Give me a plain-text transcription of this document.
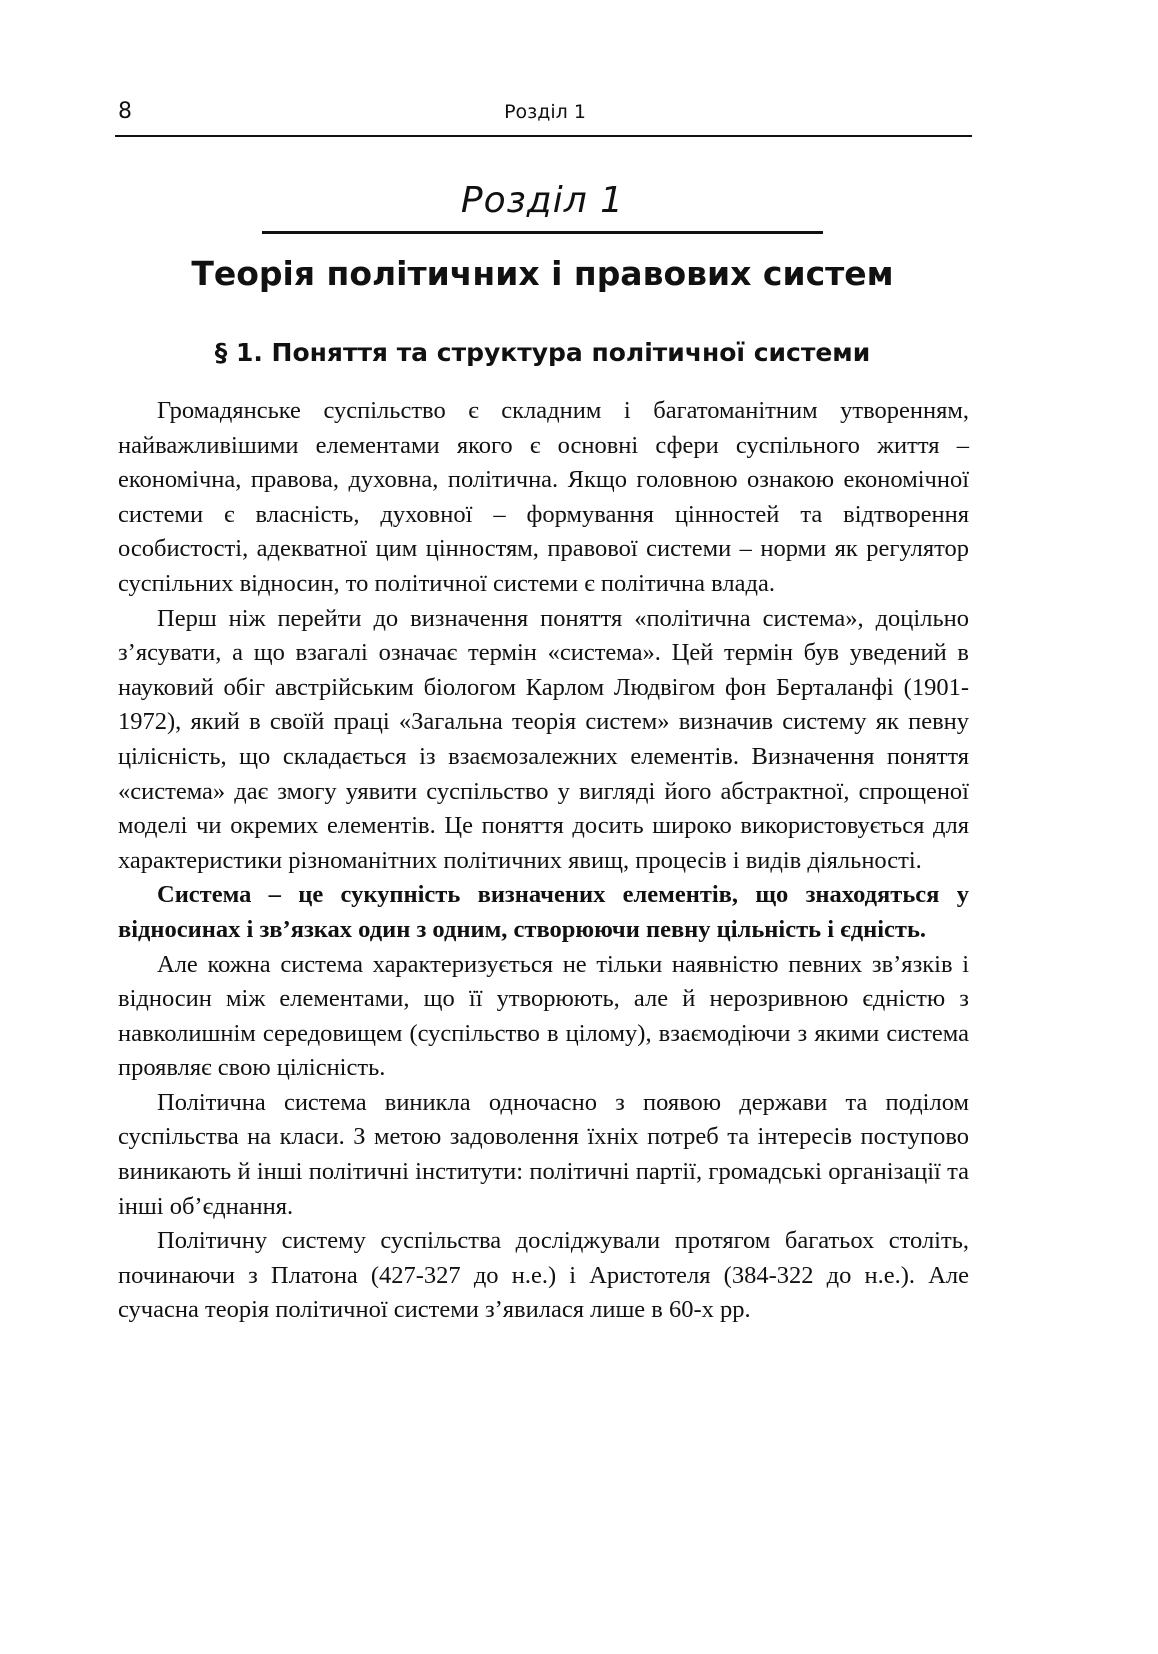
8	Розділ 1
Розділ 1
Теорія політичних і правових систем
§ 1. Поняття та структура політичної системи

Громадянське суспільство є складним і багатоманітним утворенням, найважливішими елементами якого є основні сфери суспільного життя – економічна, правова, духовна, політична. Якщо головною ознакою економічної системи є власність, духовної – формування цінностей та відтворення особистості, адекватної цим цінностям, правової системи – норми як регулятор суспільних відносин, то політичної системи є політична влада.

Перш ніж перейти до визначення поняття «політична система», доцільно з’ясувати, а що взагалі означає термін «система». Цей термін був уведений в науковий обіг австрійським біологом Карлом Людвігом фон Берталанфі (1901-1972), який в своїй праці «Загальна теорія систем» визначив систему як певну цілісність, що складається із взаємозалежних елементів. Визначення поняття «система» дає змогу уявити суспільство у вигляді його абстрактної, спрощеної моделі чи окремих елементів. Це поняття досить широко використовується для характеристики різноманітних політичних явищ, процесів і видів діяльності.

Система – це сукупність визначених елементів, що знаходяться у відносинах і зв’язках один з одним, створюючи певну цільність і єдність.

Але кожна система характеризується не тільки наявністю певних зв’язків і відносин між елементами, що її утворюють, але й нерозривною єдністю з навколишнім середовищем (суспільство в цілому), взаємодіючи з якими система проявляє свою цілісність.

Політична система виникла одночасно з появою держави та поділом суспільства на класи. З метою задоволення їхніх потреб та інтересів поступово виникають й інші політичні інститути: політичні партії, громадські організації та інші об’єднання.

Політичну систему суспільства досліджували протягом багатьох століть, починаючи з Платона (427-327 до н.е.) і Аристотеля (384-322 до н.е.). Але сучасна теорія політичної системи з’явилася лише в 60-х рр.
